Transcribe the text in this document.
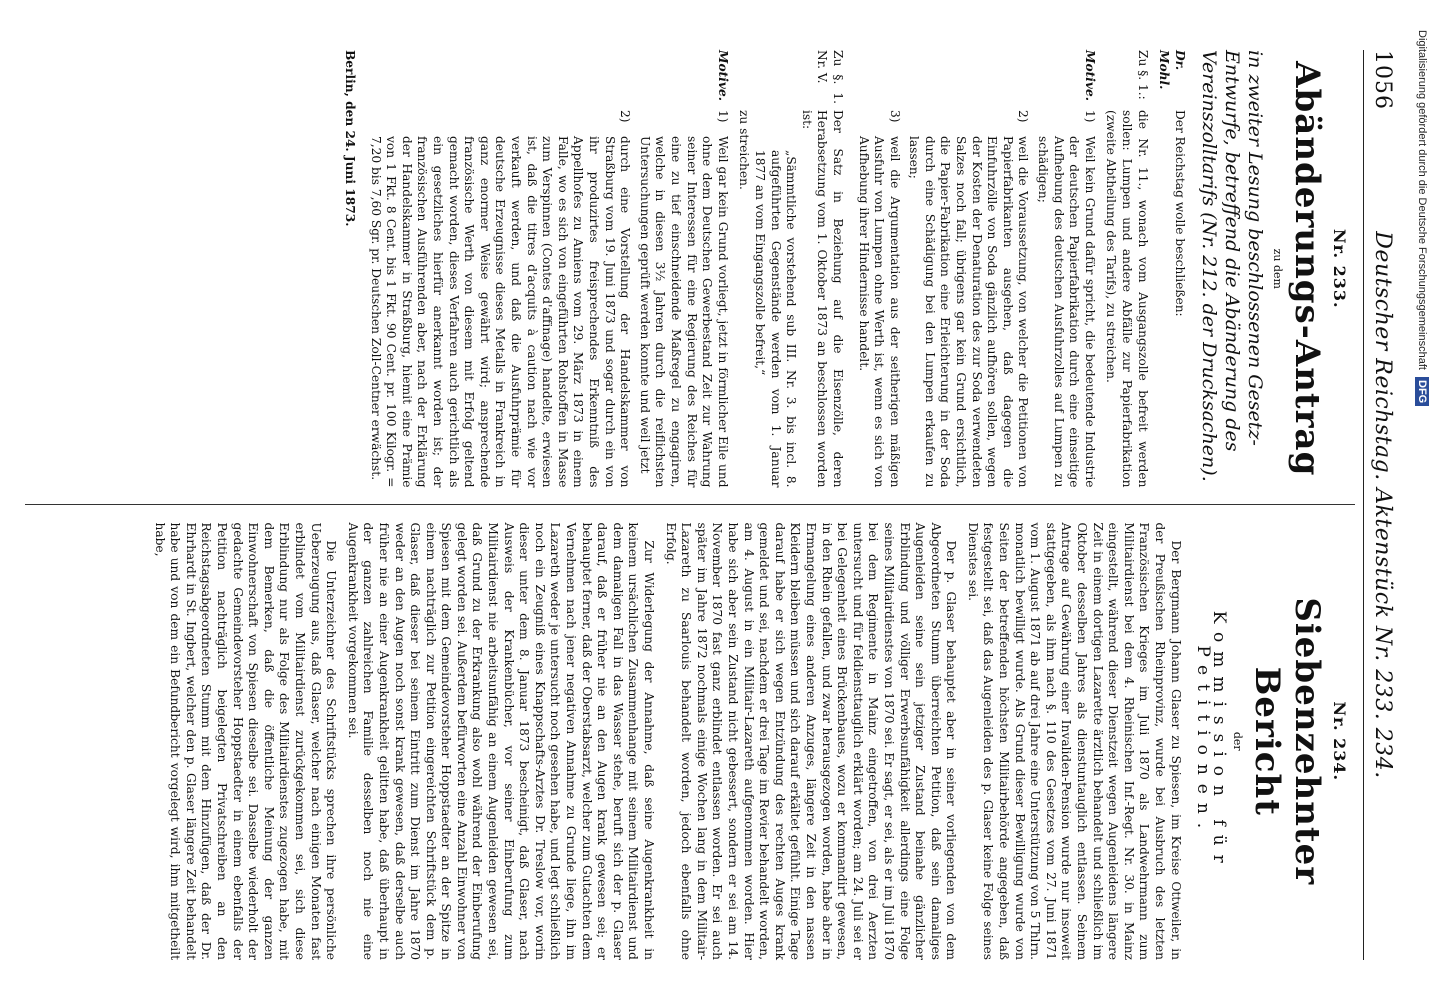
1056
Deutscher Reichstag. Aktenstück Nr. 233. 234.
Nr. 233.
Abänderungs-Antrag
zu dem
in zweiter Lesung beschlossenen Gesetz-Entwurfe, betreffend die Abänderung des Vereinszolltarifs (Nr. 212. der Drucksachen).
Dr. Mohl.
Der Reichstag wolle beschließen:
Zu §. 1.:
die Nr. 11., wonach vom Ausgangszolle befreit werden sollen: Lumpen und andere Abfälle zur Papierfabrikation (zweite Abtheilung des Tarifs), zu streichen.
Motive.
1)
Weil kein Grund dafür spricht, die bedeutende Industrie der deutschen Papierfabrikation durch eine einseitige Aufhebung des deutschen Ausfuhrzolles auf Lumpen zu schädigen;
2)
weil die Voraussetzung, von welcher die Petitionen von Papierfabrikanten ausgehen, daß dagegen die Einfuhrzölle von Soda gänzlich aufhören sollen, wegen der Kosten der Denaturation des zur Soda verwendeten Salzes noch fall; übrigens gar kein Grund ersichtlich, die Papier-Fabrikation eine Erleichterung in der Soda durch eine Schädigung bei den Lumpen erkaufen zu lassen;
3)
weil die Argumentation aus der seitherigen mäßigen Ausfuhr von Lumpen ohne Werth ist, wenn es sich von Aufhebung ihrer Hindernisse handelt.
Zu §. 1. Nr. V.
Der Satz in Beziehung auf die Eisenzölle, deren Herabsetzung vom 1. Oktober 1873 an beschlossen worden ist:
„Sämmtliche vorstehend sub III. Nr. 3. bis incl. 8. aufgeführten Gegenstände werden vom 1. Januar 1877 an vom Eingangszolle befreit,“
zu streichen.
Motive.
1)
Weil gar kein Grund vorliegt, jetzt in förmlicher Eile und ohne dem Deutschen Gewerbestand Zeit zur Wahrung seiner Interessen für eine Regierung des Reiches für eine zu tief einschneidende Maßregel zu engagiren, welche in diesen 3½ Jahren durch die reiflichsten Untersuchungen geprüft werden konnte und weil jetzt
2)
durch eine Vorstellung der Handelskammer von Straßburg vom 19. Juni 1873 und sogar durch ein von ihr produzirtes freisprechendes Erkenntniß des Appellhofes zu Amiens vom 29. März 1873 in einem Falle, wo es sich von eingeführten Rohstoffen in Masse zum Verspinnen (Contes d'affinage) handelte, erwiesen ist, daß die titres d'acquits à caution nach wie vor verkauft werden, und daß die Ausfuhrprämie für deutsche Erzeugnisse dieses Metalls in Frankreich in ganz enormer Weise gewährt wird; ansprechende französische Werth von diesem mit Erfolg geltend gemacht worden, dieses Verfahren auch gerichtlich als ein gesetzliches hierfür anerkannt worden ist; der französischen Ausführenden aber, nach der Erklärung der Handelskammer in Straßburg, hiemit eine Prämie von 1 Fkt. 8 Cent. bis 1 Fkt. 90 Cent. pr. 100 Kilogr. = 7,20 bis 7,60 Sgr. pr. Deutschen Zoll-Centner erwächst.
Berlin, den 24. Juni 1873.
Nr. 234.
Siebenzehnter Bericht
der
Kommission für Petitionen.

Der Bergmann Johann Glaser zu Spiesen, im Kreise Ottweiler, in der Preußischen Rheinprovinz, wurde bei Ausbruch des letzten Französischen Krieges im Juli 1870 als Landwehrmann zum Militairdienst bei dem 4. Rheinischen Inf.-Regt. Nr. 30. in Mainz eingestellt, während dieser Dienstzeit wegen Augenleidens längere Zeit in einem dortigen Lazarette ärztlich behandelt und schließlich im Oktober desselben Jahres als dienstuntauglich entlassen. Seinem Antrage auf Gewährung einer Invaliden-Pension wurde nur insoweit stattgegeben, als ihm nach §. 110 des Gesetzes vom 27. Juni 1871 vom 1. August 1871 ab auf drei Jahre eine Unterstützung von 5 Thlrn. monatlich bewilligt wurde. Als Grund dieser Bewilligung wurde von Seiten der betreffenden höchsten Militairbehörde angegeben, daß festgestellt sei, daß das Augenleiden des p. Glaser keine Folge seines Dienstes sei.

Der p. Glaser behauptet aber in seiner vorliegenden von dem Abgeordneten Stumm überreichten Petition, daß sein damaliges Augenleiden seine sein jetziger Zustand beinahe gänzlicher Erblindung und völliger Erwerbsunfähigkeit allerdings eine Folge seines Militairdienstes von 1870 sei. Er sagt, er sei, als er im Juli 1870 bei dem Regimente in Mainz eingetroffen, von drei Aerzten untersucht und für feldiensttauglich erklärt worden; am 24. Juli sei er bei Gelegenheit eines Brückenbaues, wozu er kommandirt gewesen, in den Rhein gefallen, und zwar herausgezogen worden, habe aber in Ermangelung eines anderen Anzuges, längere Zeit in den nassen Kleidern bleiben müssen und sich darauf erkältet gefühlt. Einige Tage darauf habe er sich wegen Entzündung des rechten Auges krank gemeldet und sei, nachdem er drei Tage im Revier behandelt worden, am 4. August in ein Militair-Lazareth aufgenommen worden. Hier habe sich aber sein Zustand nicht gebessert, sondern er sei am 14. November 1870 fast ganz erblindet entlassen worden. Er sei auch später im Jahre 1872 nochmals einige Wochen lang in dem Militair-Lazareth zu Saarlouis behandelt worden, jedoch ebenfalls ohne Erfolg.

Zur Widerlegung der Annahme, daß seine Augenkrankheit in keinem ursächlichen Zusammenhange mit seinem Militairdienst und dem damaligen Fall in das Wasser stehe, beruft sich der p. Glaser darauf, daß er früher nie an den Augen krank gewesen sei; er behauptet ferner, daß der Oberstabsarzt, welcher zum Gutachten dem Vernehmen nach jener negativen Annahme zu Grunde liege, ihn im Lazareth weder je untersucht noch gesehen habe, und legt schließlich noch ein Zeugniß eines Knappschafts-Arztes Dr. Treslow vor, worin dieser unter dem 8. Januar 1873 bescheinigt, daß Glaser, nach Ausweis der Krankenbücher, vor seiner Einberufung zum Militairdienst nie arbeitsunfähig an einem Augenleiden gewesen sei, daß Grund zu der Erkrankung also wohl während der Einberufung gelegt worden sei. Außerdem befürworten eine Anzahl Einwohner von Spiesen mit dem Gemeindevorsteher Hoppstaedter an der Spitze in einem nachträglich zur Petition eingereichten Schriftstück dem p. Glaser, daß dieser bei seinem Eintritt zum Dienst im Jahre 1870 weder an den Augen noch sonst krank gewesen, daß derselbe auch früher nie an einer Augenkrankheit gelitten habe, daß überhaupt in der ganzen zahlreichen Familie desselben noch nie eine Augenkrankheit vorgekommen sei.

Die Unterzeichner des Schriftstücks sprechen ihre persönliche Ueberzeugung aus, daß Glaser, welcher nach einigen Monaten fast erblindet vom Militairdienst zurückgekommen sei, sich diese Erblindung nur als Folge des Militairdienstes zugezogen habe, mit dem Bemerken, daß die öffentliche Meinung der ganzen Einwohnerschaft von Spiesen dieselbe sei. Dasselbe wiederholt der gedachte Gemeindevorsteher Hoppstaedter in einem ebenfalls der Petition nachträglich beigelegten Privatschreiben an den Reichstagsabgeordneten Stumm mit dem Hinzufügen, daß der Dr. Ehrhardt in St. Ingbert, welcher den p. Glaser längere Zeit behandelt habe und von dem ein Befundbericht vorgelegt wird, ihm mitgetheilt habe,

Digitalisierung gefördert durch die Deutsche Forschungsgemeinschaft DFG
